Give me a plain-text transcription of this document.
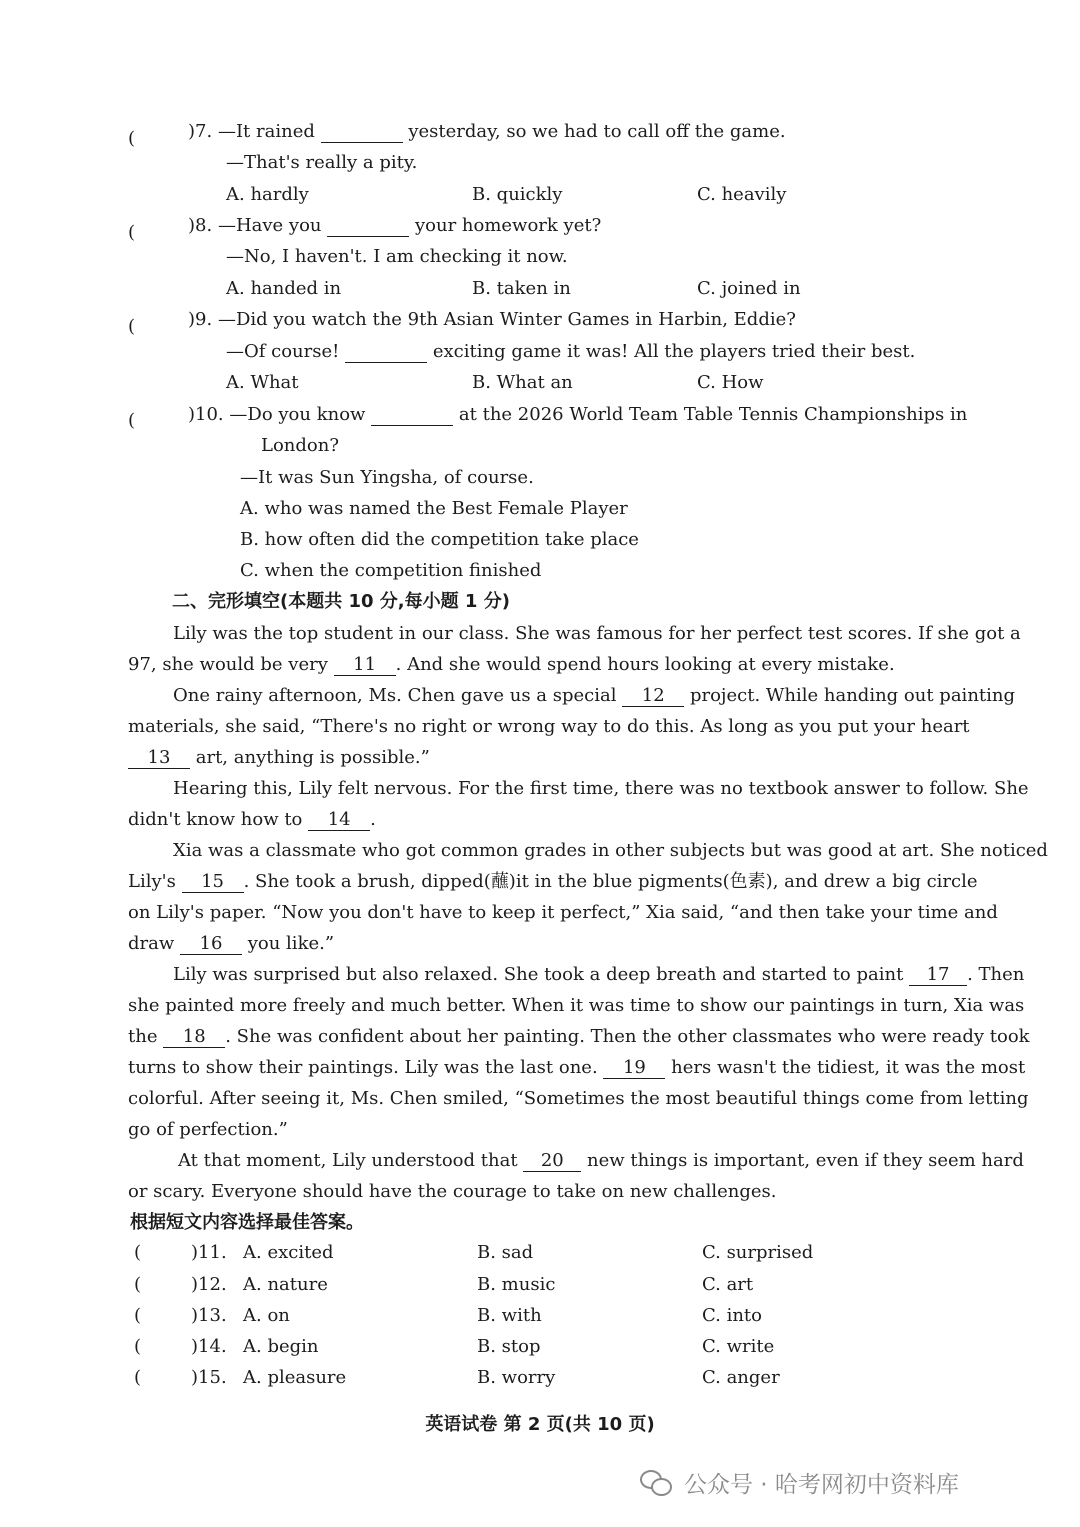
(	)7. —It rained	yesterday, so we had to call off the game.
—That's really a pity.
A. hardly	B. quickly	C. heavily
(	)8. —Have you	your homework yet?
—No, I haven't. I am checking it now.
A. handed in	B. taken in	C. joined in
(	)9. —Did you watch the 9th Asian Winter Games in Harbin, Eddie?
—Of course!	exciting game it was! All the players tried their best.
A. What	B. What an	C. How
(	)10. —Do you know	at the 2026 World Team Table Tennis Championships in
London?
—It was Sun Yingsha, of course.
A. who was named the Best Female Player
B. how often did the competition take place
C. when the competition finished
二、完形填空(本题共 10 分,每小题 1 分)
Lily was the top student in our class. She was famous for her perfect test scores. If she got a
97, she would be very 11 . And she would spend hours looking at every mistake.
One rainy afternoon, Ms. Chen gave us a special 12 project. While handing out painting
materials, she said, “There's no right or wrong way to do this. As long as you put your heart
13 art, anything is possible.”
Hearing this, Lily felt nervous. For the first time, there was no textbook answer to follow. She
didn't know how to 14 .
Xia was a classmate who got common grades in other subjects but was good at art. She noticed
Lily's 15 . She took a brush, dipped(蘸)it in the blue pigments(色素), and drew a big circle
on Lily's paper. “Now you don't have to keep it perfect,” Xia said, “and then take your time and
draw 16 you like.”
Lily was surprised but also relaxed. She took a deep breath and started to paint 17 . Then
she painted more freely and much better. When it was time to show our paintings in turn, Xia was
the 18 . She was confident about her painting. Then the other classmates who were ready took
turns to show their paintings. Lily was the last one. 19 hers wasn't the tidiest, it was the most
colorful. After seeing it, Ms. Chen smiled, “Sometimes the most beautiful things come from letting
go of perfection.”
At that moment, Lily understood that 20 new things is important, even if they seem hard
or scary. Everyone should have the courage to take on new challenges.
根据短文内容选择最佳答案。
(	)11. A. excited	B. sad	C. surprised
(	)12. A. nature	B. music	C. art
(	)13. A. on	B. with	C. into
(	)14. A. begin	B. stop	C. write
(	)15. A. pleasure	B. worry	C. anger
英语试卷 第 2 页(共 10 页)
公众号 · 哈考网初中资料库
